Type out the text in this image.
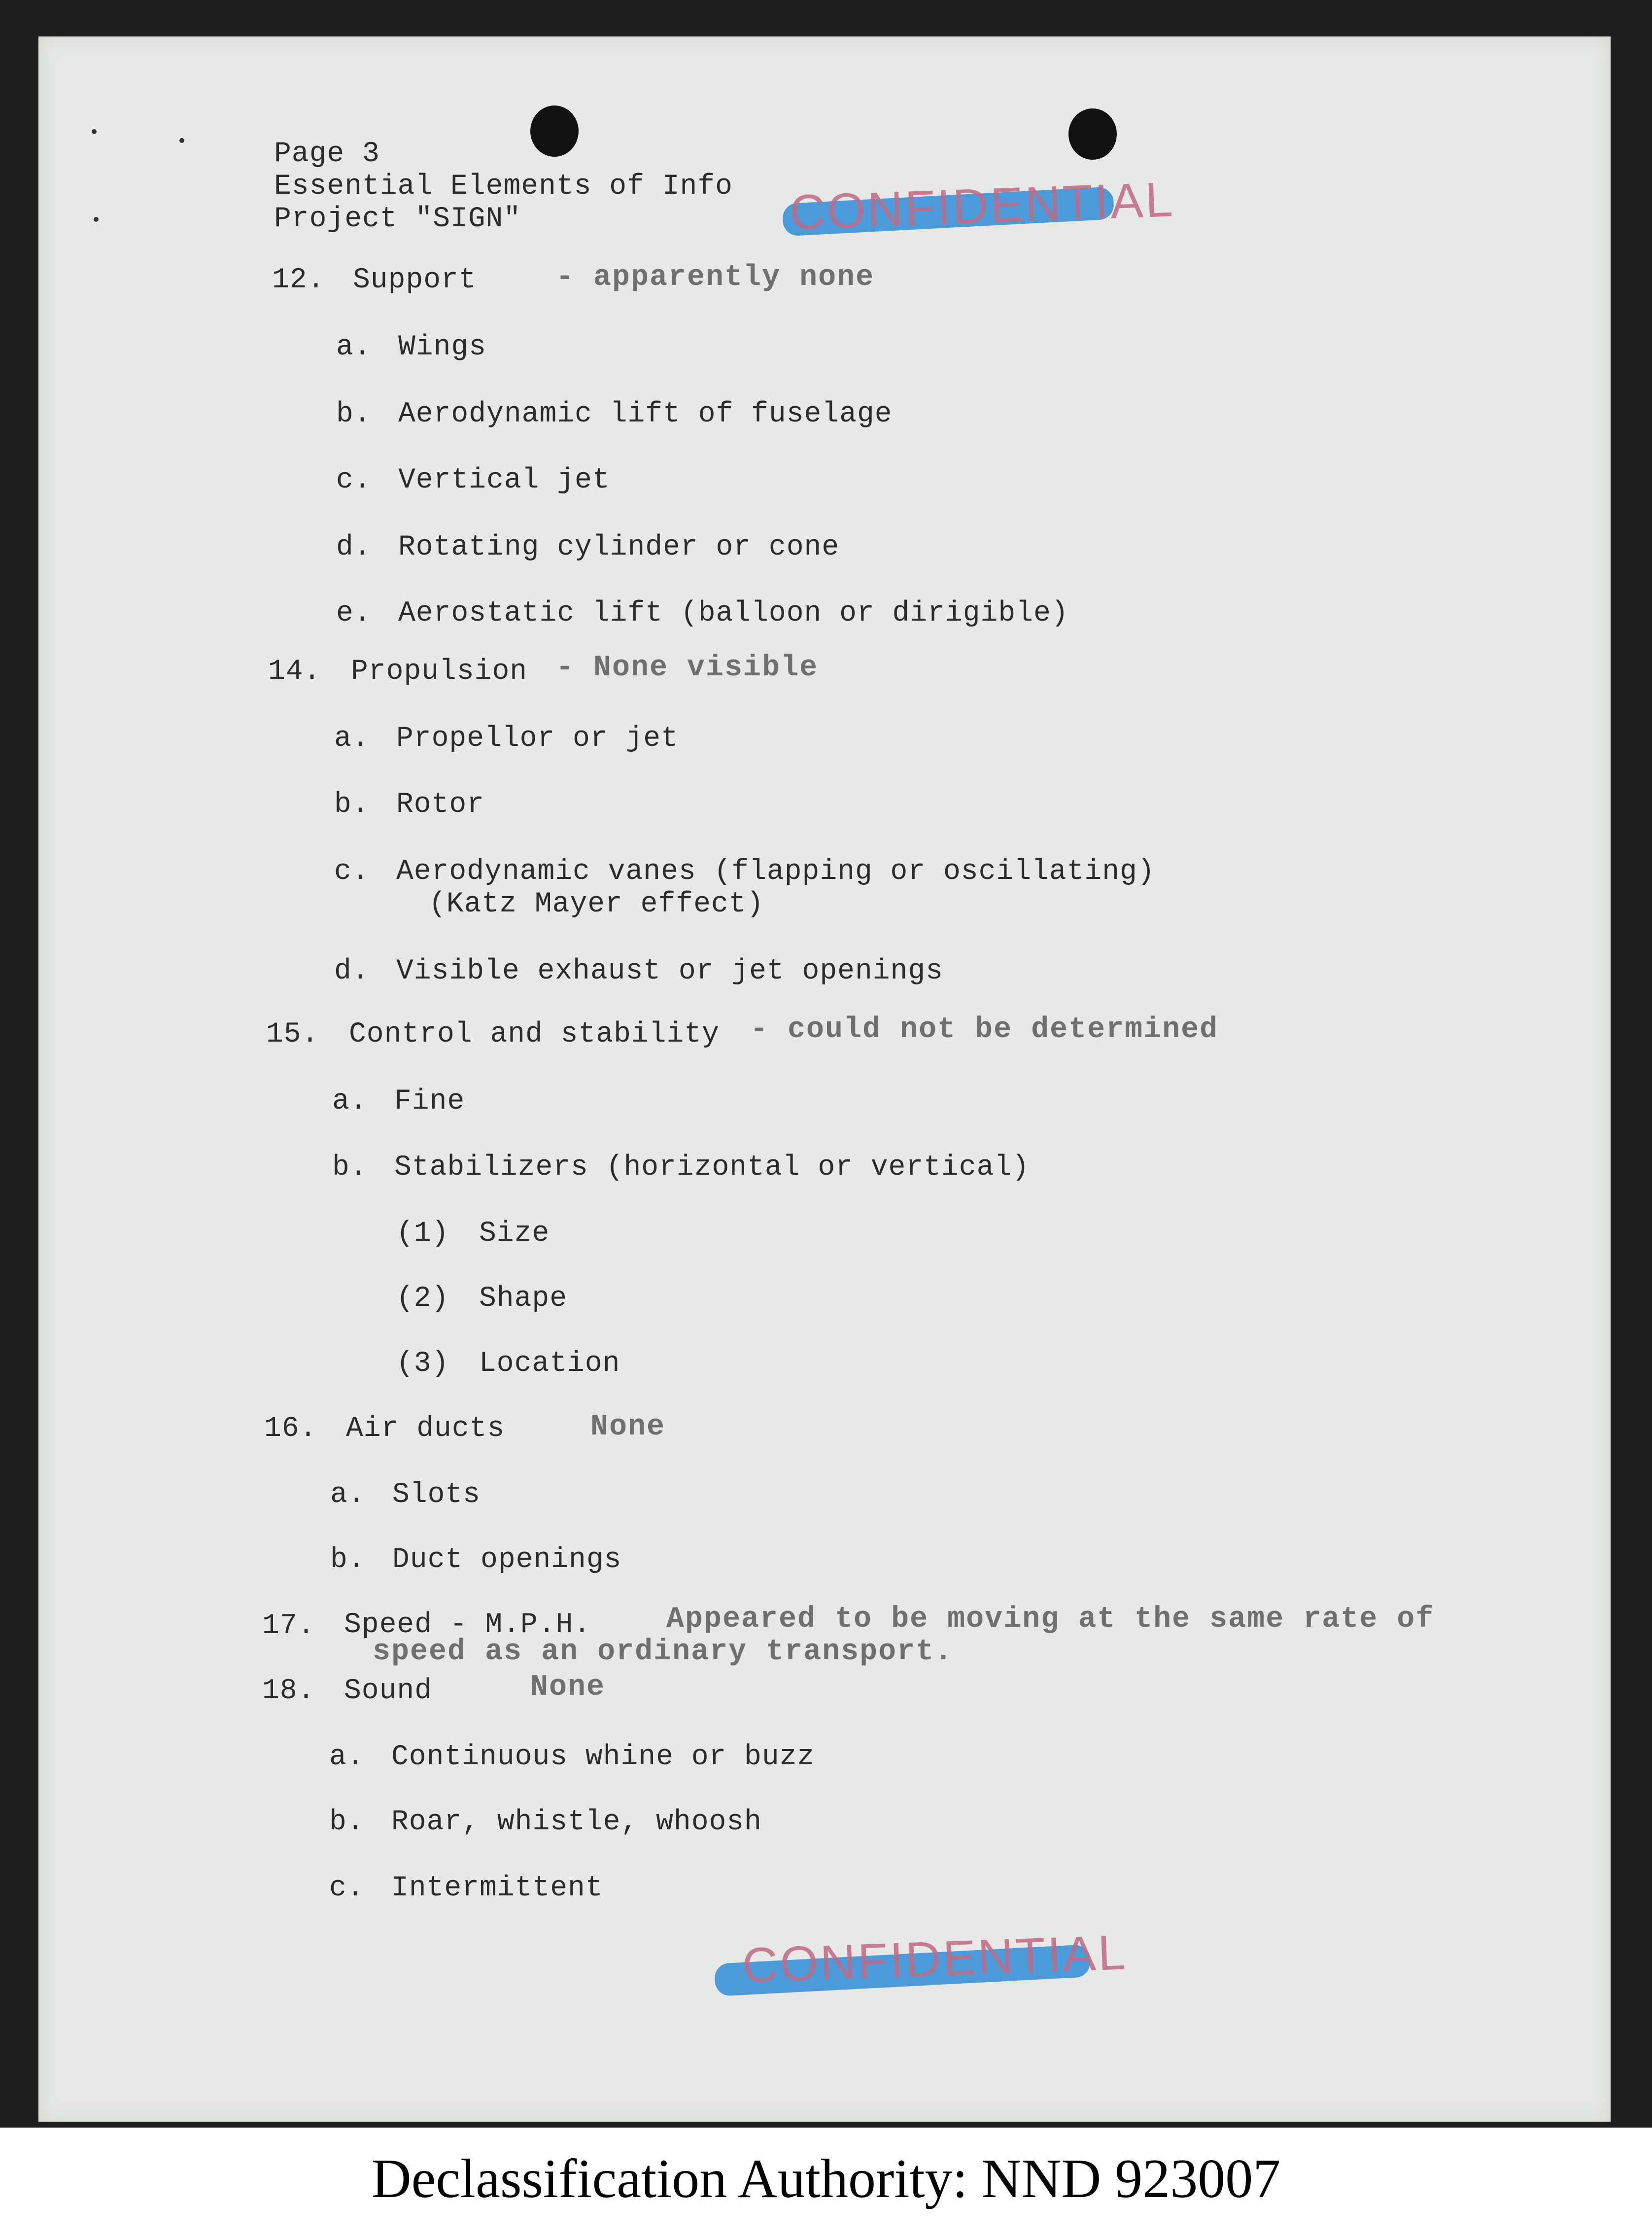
Page 3
Essential Elements of Info
Project "SIGN"	CONFIDENTIAL
12. Support	- apparently none
a. Wings
b. Aerodynamic lift of fuselage
c. Vertical jet
d. Rotating cylinder or cone
e. Aerostatic lift (balloon or dirigible)
14. Propulsion - None visible
a. Propellor or jet
b. Rotor
c. Aerodynamic vanes (flapping or oscillating)
(Katz Mayer effect)
d. Visible exhaust or jet openings
15. Control and stability - could not be determined
a. Fine
b. Stabilizers (horizontal or vertical)
(1) Size
(2) Shape
(3) Location
16. Air ducts	None
a. Slots
b. Duct openings
17. Speed - M.P.H.	Appeared to be moving at the same rate of
speed as an ordinary transport.
18. Sound	None
a. Continuous whine or buzz
b. Roar, whistle, whoosh
c. Intermittent
CONFIDENTIAL
Declassification Authority: NND 923007
